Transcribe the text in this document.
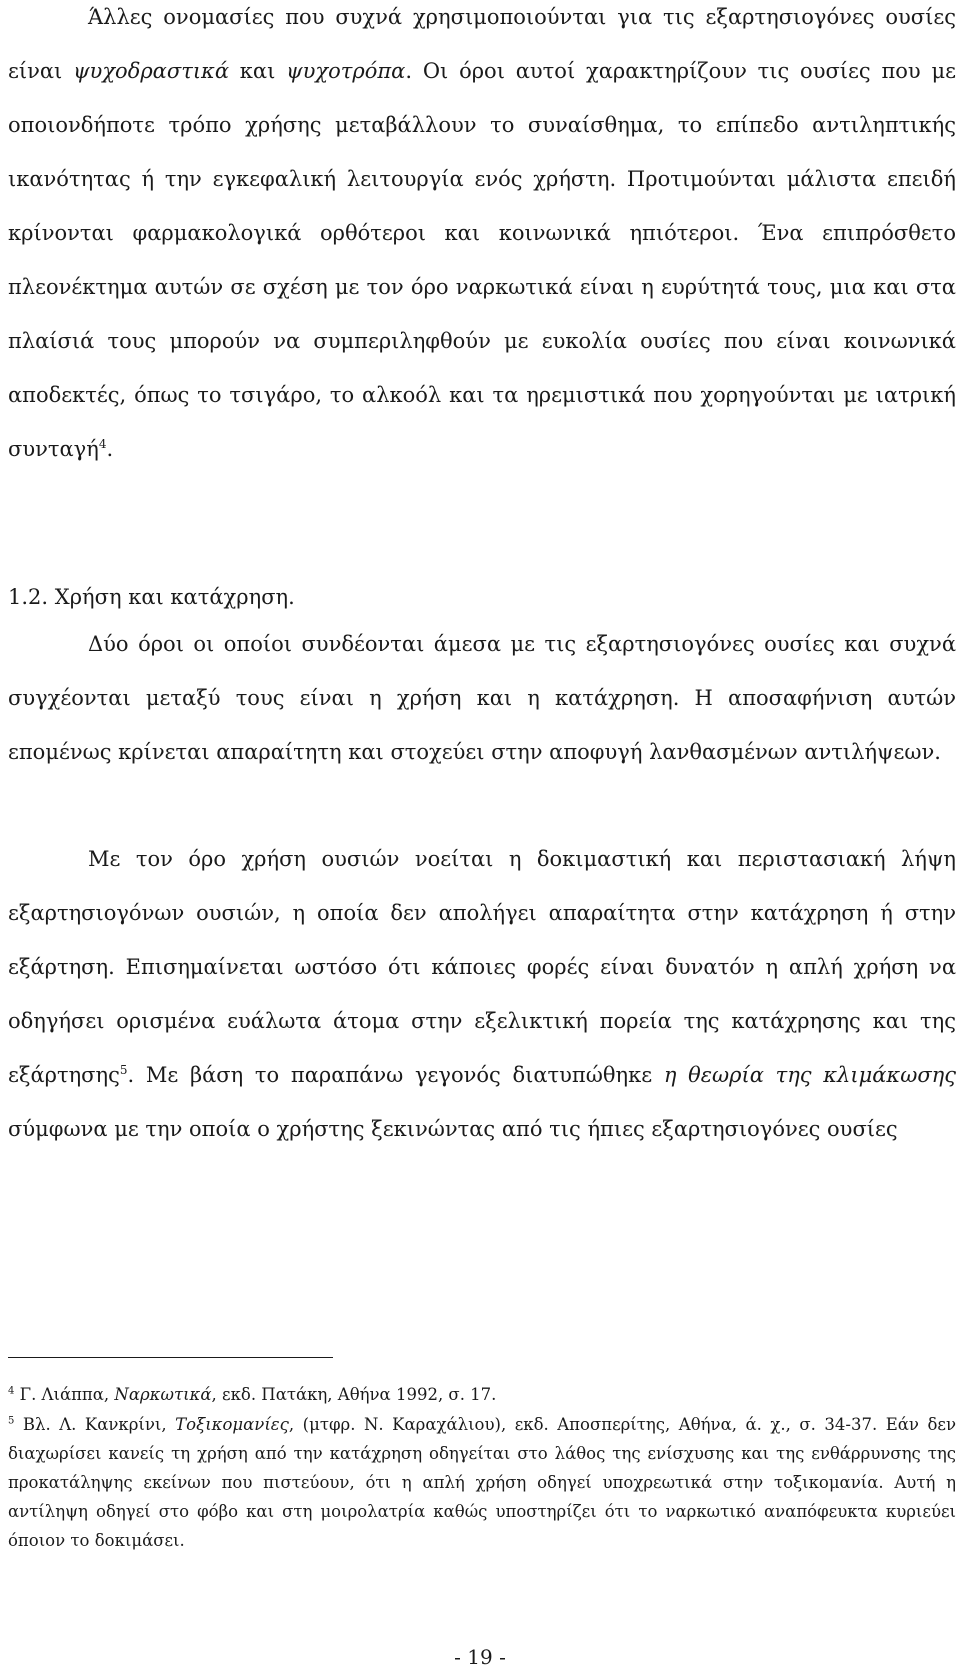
Άλλες ονομασίες που συχνά χρησιμοποιούνται για τις εξαρτησιογόνες ουσίες είναι ψυχοδραστικά και ψυχοτρόπα. Οι όροι αυτοί χαρακτηρίζουν τις ουσίες που με οποιονδήποτε τρόπο χρήσης μεταβάλλουν το συναίσθημα, το επίπεδο αντιληπτικής ικανότητας ή την εγκεφαλική λειτουργία ενός χρήστη. Προτιμούνται μάλιστα επειδή κρίνονται φαρμακολογικά ορθότεροι και κοινωνικά ηπιότεροι. Ένα επιπρόσθετο πλεονέκτημα αυτών σε σχέση με τον όρο ναρκωτικά είναι η ευρύτητά τους, μια και στα πλαίσιά τους μπορούν να συμπεριληφθούν με ευκολία ουσίες που είναι κοινωνικά αποδεκτές, όπως το τσιγάρο, το αλκοόλ και τα ηρεμιστικά που χορηγούνται με ιατρική συνταγή$^4$.

1.2. Χρήση και κατάχρηση.

Δύο όροι οι οποίοι συνδέονται άμεσα με τις εξαρτησιογόνες ουσίες και συχνά συγχέονται μεταξύ τους είναι η χρήση και η κατάχρηση. Η αποσαφήνιση αυτών επομένως κρίνεται απαραίτητη και στοχεύει στην αποφυγή λανθασμένων αντιλήψεων.

Με τον όρο χρήση ουσιών νοείται η δοκιμαστική και περιστασιακή λήψη εξαρτησιογόνων ουσιών, η οποία δεν απολήγει απαραίτητα στην κατάχρηση ή στην εξάρτηση. Επισημαίνεται ωστόσο ότι κάποιες φορές είναι δυνατόν η απλή χρήση να οδηγήσει ορισμένα ευάλωτα άτομα στην εξελικτική πορεία της κατάχρησης και της εξάρτησης$^5$. Με βάση το παραπάνω γεγονός διατυπώθηκε η θεωρία της κλιμάκωσης σύμφωνα με την οποία ο χρήστης ξεκινώντας από τις ήπιες εξαρτησιογόνες ουσίες

$^4$ Γ. Λιάππα, Ναρκωτικά, εκδ. Πατάκη, Αθήνα 1992, σ. 17.

$^5$ Βλ. Λ. Κανκρίνι, Τοξικομανίες, (μτφρ. Ν. Καραχάλιου), εκδ. Αποσπερίτης, Αθήνα, ά. χ., σ. 34-37. Εάν δεν διαχωρίσει κανείς τη χρήση από την κατάχρηση οδηγείται στο λάθος της ενίσχυσης και της ενθάρρυνσης της προκατάληψης εκείνων που πιστεύουν, ότι η απλή χρήση οδηγεί υποχρεωτικά στην τοξικομανία. Αυτή η αντίληψη οδηγεί στο φόβο και στη μοιρολατρία καθώς υποστηρίζει ότι το ναρκωτικό αναπόφευκτα κυριεύει όποιον το δοκιμάσει.

- 19 -
